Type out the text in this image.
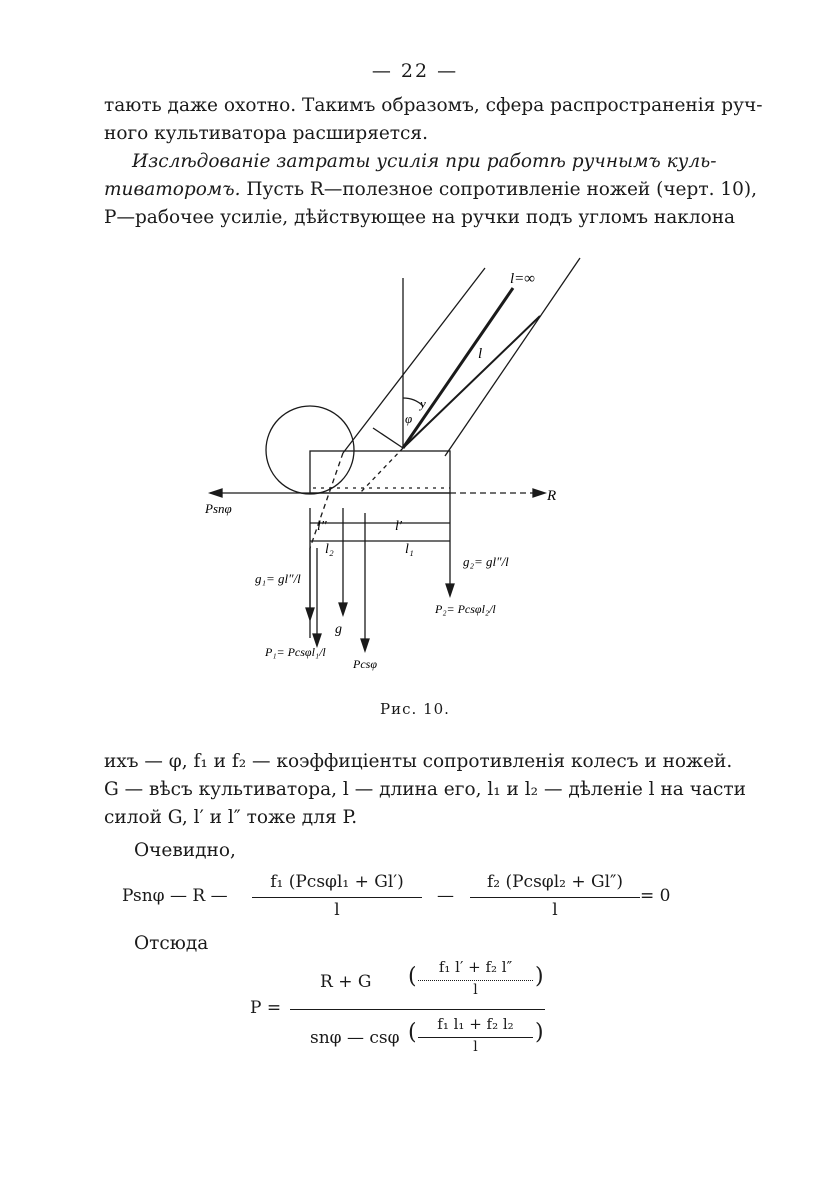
— 22 —
тають даже охотно. Такимъ образомъ, сфера распространенія руч-
ного культиватора расширяется.
Изслѣдованіе затраты усилія при работѣ ручнымъ куль-
тиваторомъ. Пусть R—полезное сопротивленіе ножей (черт. 10),
P—рабочее усиліе, дѣйствующее на ручки подъ угломъ наклона
l=∞
l
y
φ
R
Psnφ
l″	l′
l₂	l₁
g₁= gl″/l
g₂= gl″/l
g
P₁= Pcsφl₁/l
P₂= Pcsφl₂/l
Pcsφ
Рис. 10.
ихъ — φ, f₁ и f₂ — коэффиціенты сопротивленія колесъ и ножей.
G — вѣсъ культиватора, l — длина его, l₁ и l₂ — дѣленіе l на части
силой G, l′ и l″ тоже для P.
Очевидно,
Psnφ — R —
f₁ (Pcsφl₁ + Gl′)
l
—
f₂ (Pcsφl₂ + Gl″)
l
= 0
Отсюда
P =
R + G (	f₁ l′ + f₂ l″
l
)
snφ — csφ (	f₁ l₁ + f₂ l₂
l
)
